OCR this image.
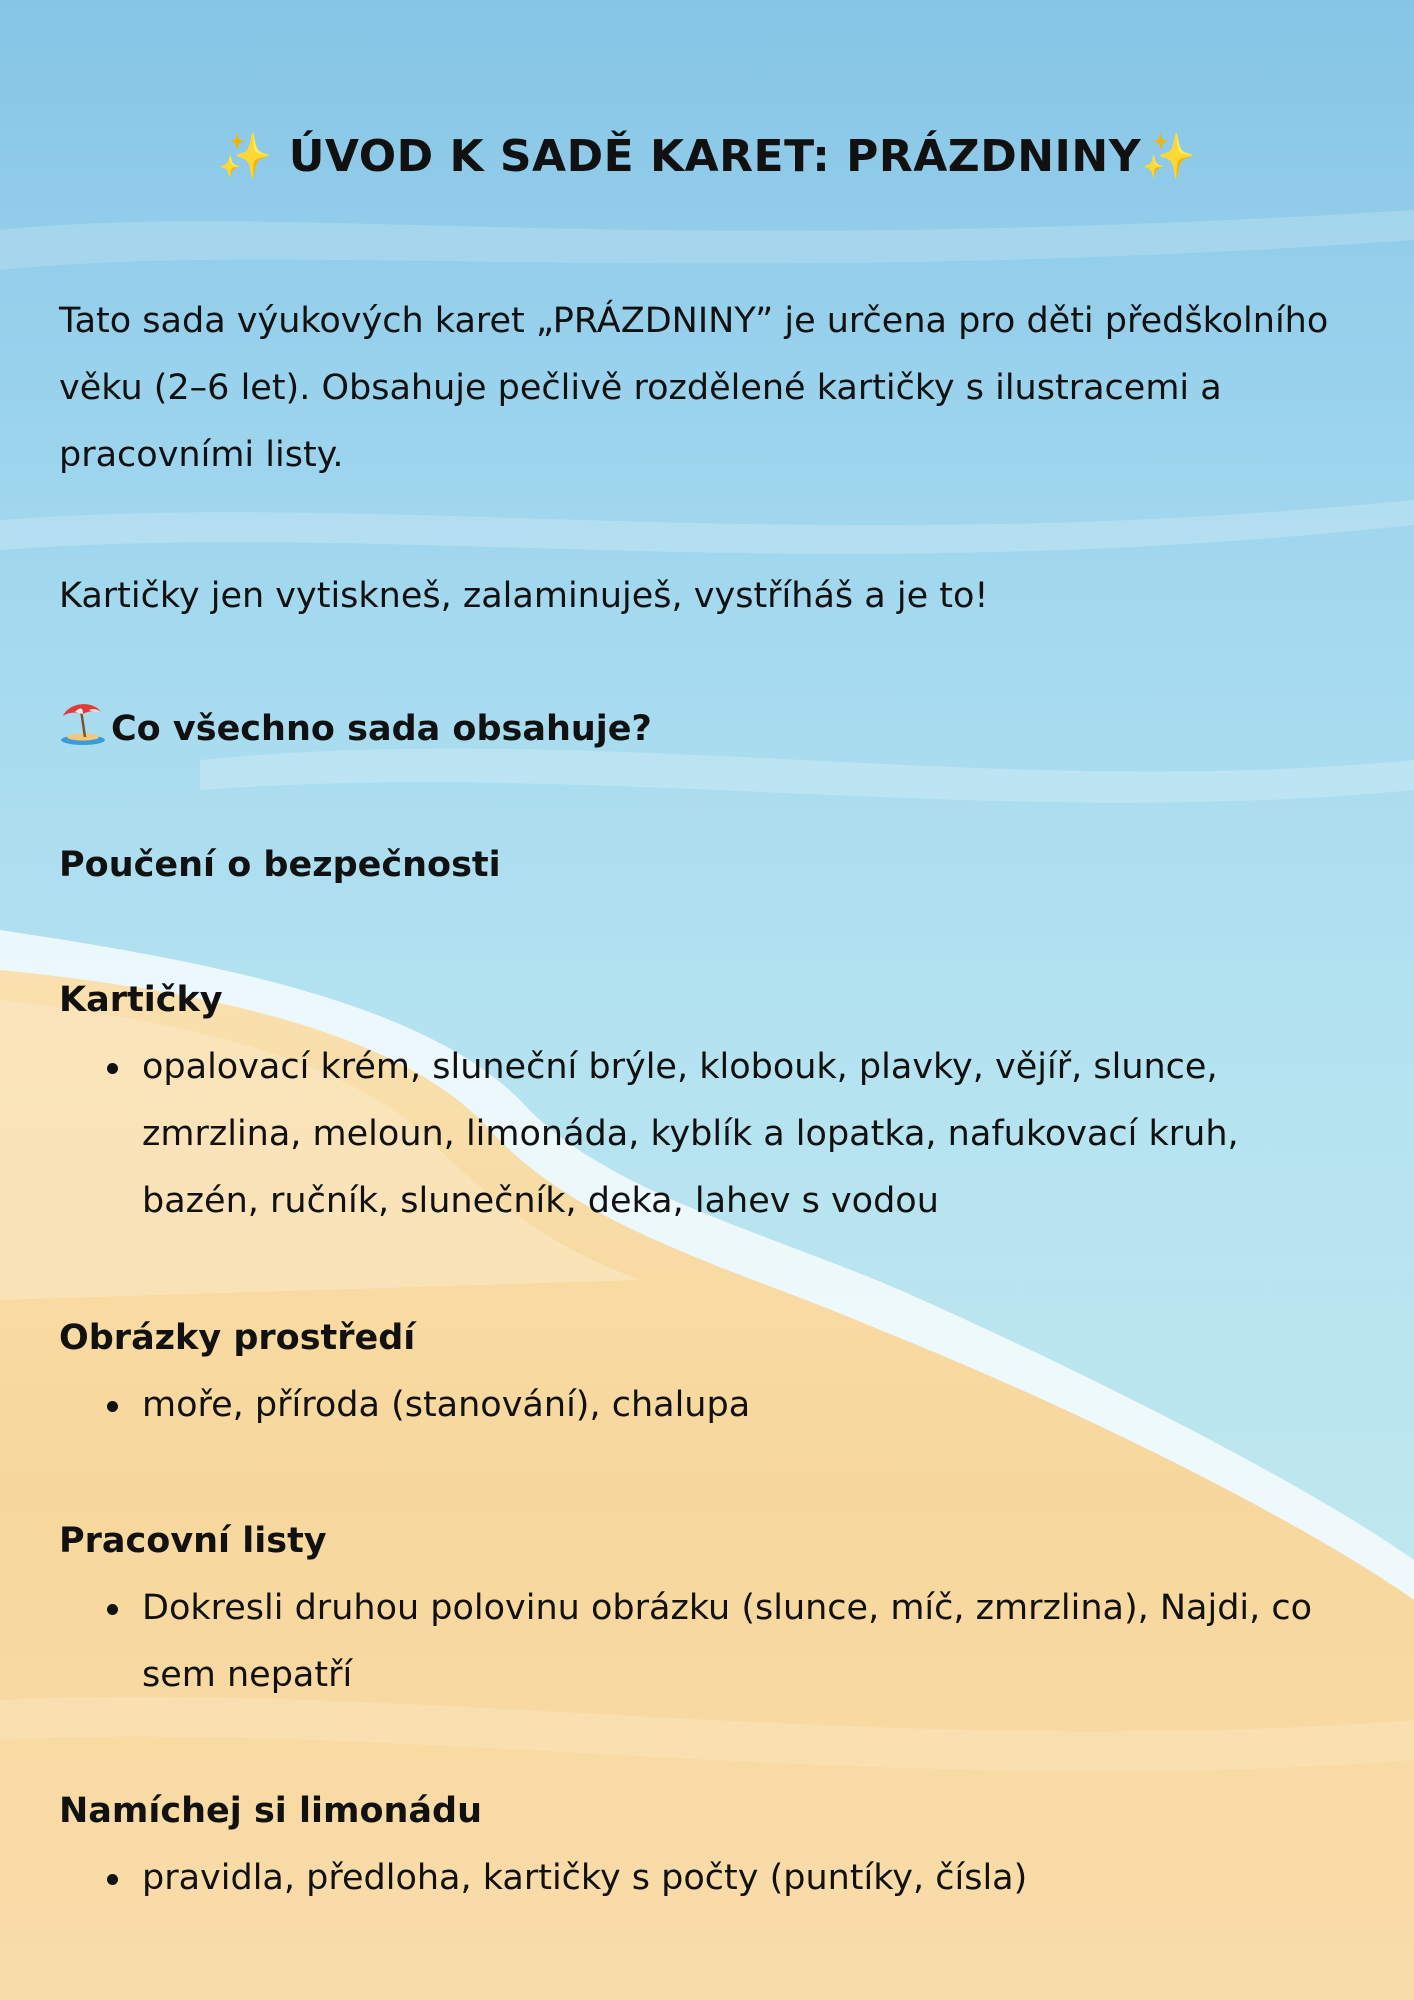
✨ ÚVOD K SADĚ KARET: PRÁZDNINY✨

Tato sada výukových karet „PRÁZDNINY” je určena pro děti předškolního věku (2–6 let). Obsahuje pečlivě rozdělené kartičky s ilustracemi a pracovními listy.

Kartičky jen vytiskneš, zalaminuješ, vystříháš a je to!

Co všechno sada obsahuje?
Poučení o bezpečnosti
Kartičky
opalovací krém, sluneční brýle, klobouk, plavky, vějíř, slunce, zmrzlina, meloun, limonáda, kyblík a lopatka, nafukovací kruh, bazén, ručník, slunečník, deka, lahev s vodou
Obrázky prostředí
moře, příroda (stanování), chalupa
Pracovní listy
Dokresli druhou polovinu obrázku (slunce, míč, zmrzlina), Najdi, co sem nepatří
Namíchej si limonádu
pravidla, předloha, kartičky s počty (puntíky, čísla)
